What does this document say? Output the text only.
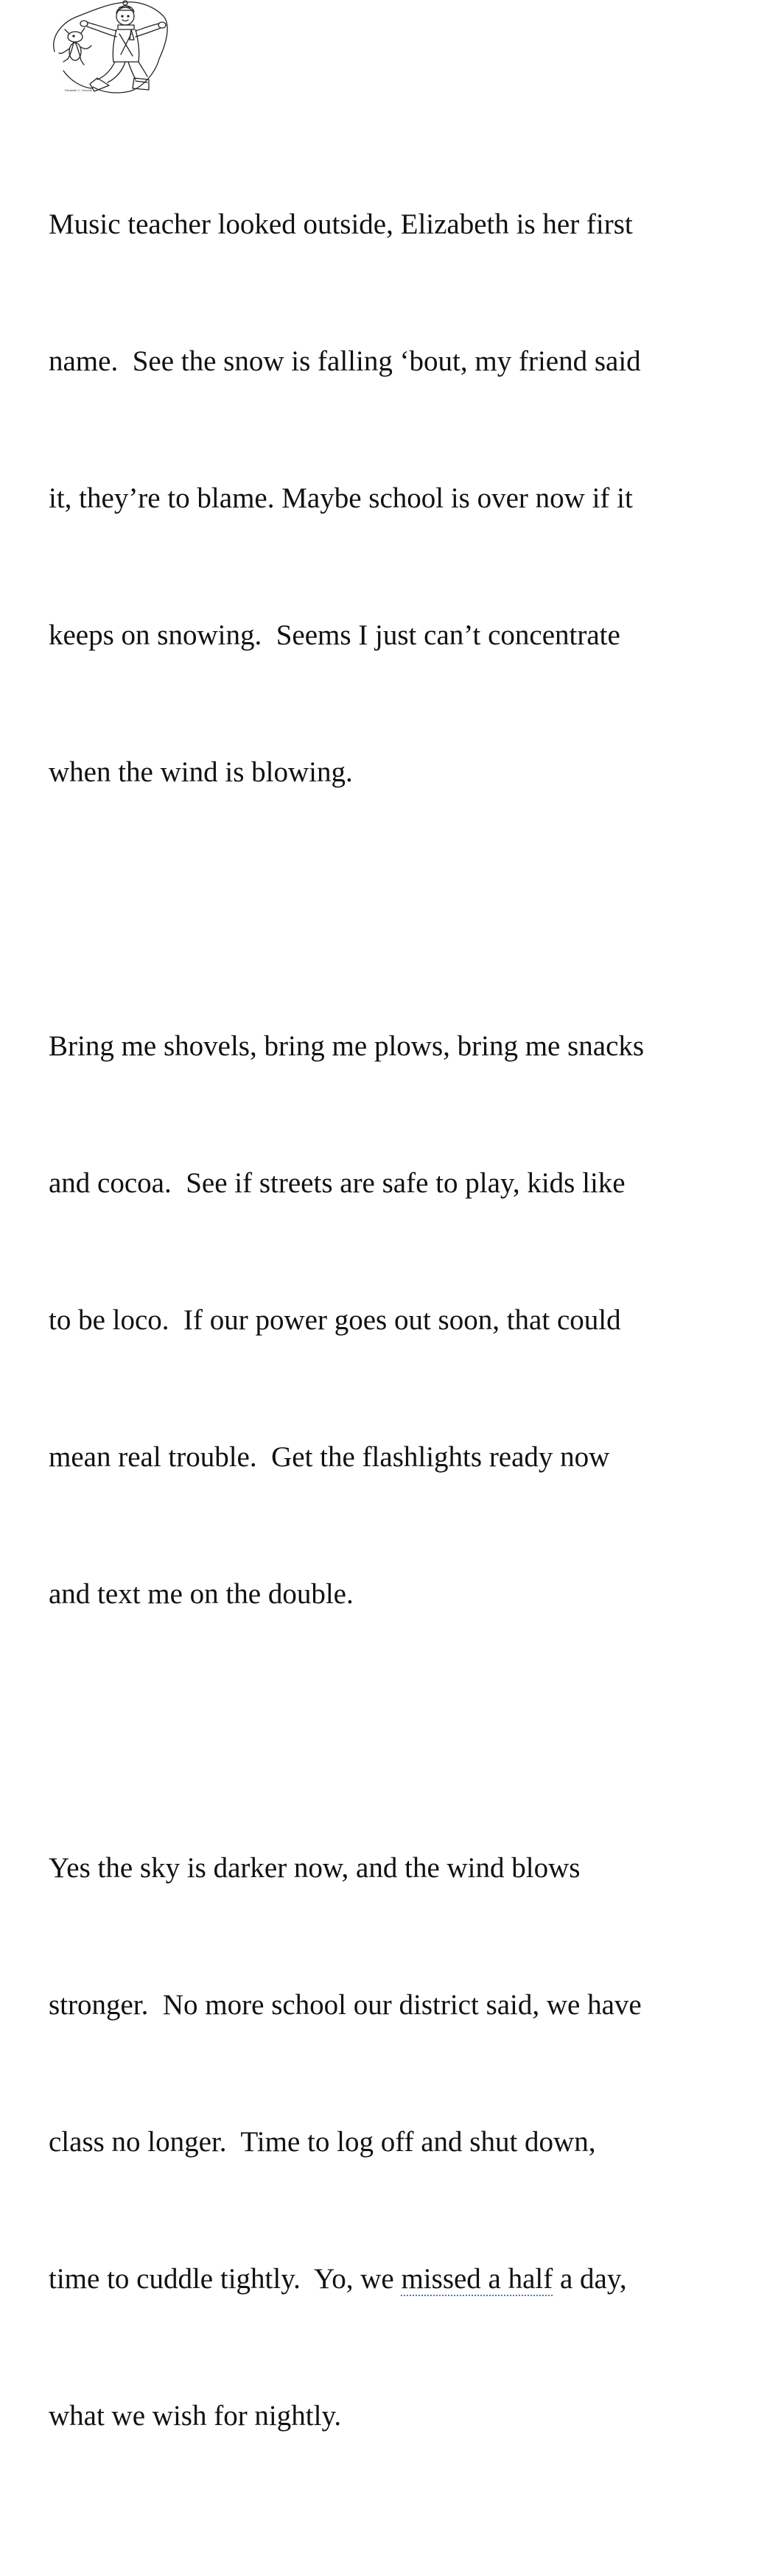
Elizabeth C. Ceschin

Music teacher looked outside, Elizabeth is her first

name.  See the snow is falling ‘bout, my friend said

it, they’re to blame. Maybe school is over now if it

keeps on snowing.  Seems I just can’t concentrate

when the wind is blowing.

Bring me shovels, bring me plows, bring me snacks

and cocoa.  See if streets are safe to play, kids like

to be loco.  If our power goes out soon, that could

mean real trouble.  Get the flashlights ready now

and text me on the double.

Yes the sky is darker now, and the wind blows

stronger.  No more school our district said, we have

class no longer.  Time to log off and shut down,

time to cuddle tightly.  Yo, we missed a half a day,

what we wish for nightly.
